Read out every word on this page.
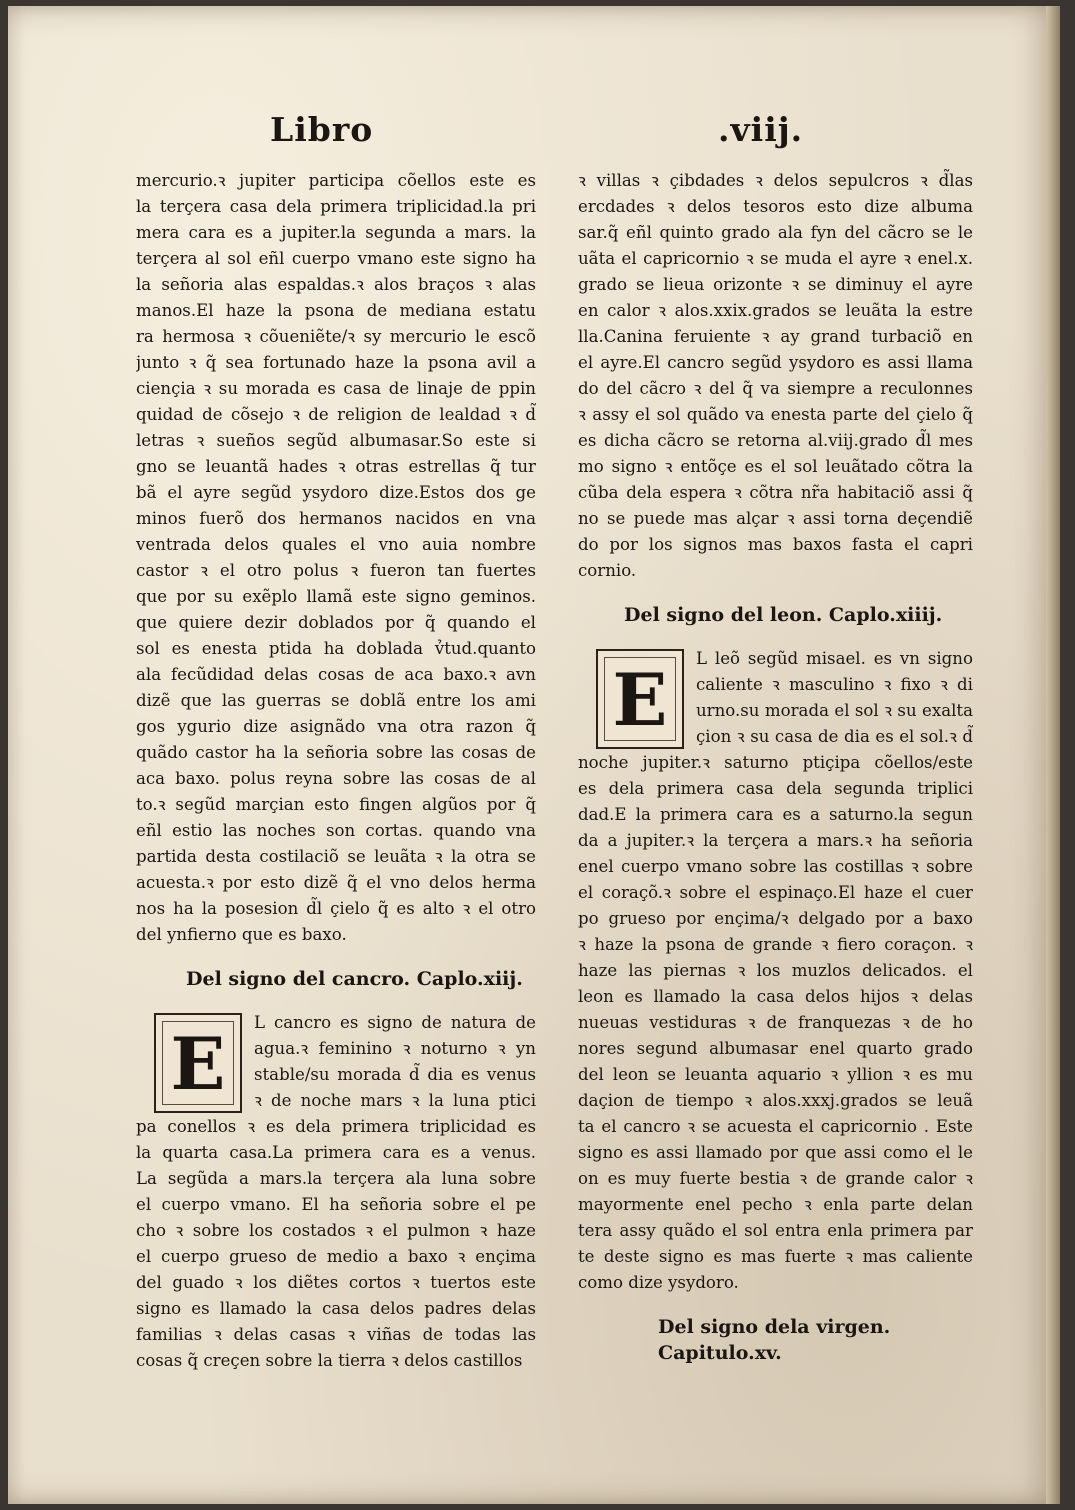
Libro	.viij.
mercurio.ꝛ jupiter participa cõellos este es
la terçera casa dela primera triplicidad.la pri
mera cara es a jupiter.la segunda a mars. la
terçera al sol eñl cuerpo vmano este signo ha
la señoria alas espaldas.ꝛ alos braços ꝛ alas
manos.El haze la psona de mediana estatu
ra hermosa ꝛ cõueniẽte/ꝛ sy mercurio le escõ
junto ꝛ q̃ sea fortunado haze la psona avil a
ciençia ꝛ su morada es casa de linaje de ppin
quidad de cõsejo ꝛ de religion de lealdad ꝛ d̃
letras ꝛ sueños segũd albumasar.So este si
gno se leuantã hades ꝛ otras estrellas q̃ tur
bã el ayre segũd ysydoro dize.Estos dos ge
minos fuerõ dos hermanos nacidos en vna
ventrada delos quales el vno auia nombre
castor ꝛ el otro polus ꝛ fueron tan fuertes
que por su exẽplo llamã este signo geminos.
que quiere dezir doblados por q̃ quando el
sol es enesta ptida ha doblada v̉tud.quanto
ala fecũdidad delas cosas de aca baxo.ꝛ avn
dizẽ que las guerras se doblã entre los ami
gos ygurio dize asignãdo vna otra razon q̃
quãdo castor ha la señoria sobre las cosas de
aca baxo. polus reyna sobre las cosas de al
to.ꝛ segũd marçian esto fingen algũos por q̃
eñl estio las noches son cortas. quando vna
partida desta costilaciõ se leuãta ꝛ la otra se
acuesta.ꝛ por esto dizẽ q̃ el vno delos herma
nos ha la posesion d̃l çielo q̃ es alto ꝛ el otro
del ynfierno que es baxo.
Del signo del cancro. Caplo.xiij.
E	L cancro es signo de natura de
agua.ꝛ feminino ꝛ noturno ꝛ yn
stable/su morada d̃ dia es venus
ꝛ de noche mars ꝛ la luna ptici
pa conellos ꝛ es dela primera triplicidad es
la quarta casa.La primera cara es a venus.
La segũda a mars.la terçera ala luna sobre
el cuerpo vmano. El ha señoria sobre el pe
cho ꝛ sobre los costados ꝛ el pulmon ꝛ haze
el cuerpo grueso de medio a baxo ꝛ ençima
del guado ꝛ los diẽtes cortos ꝛ tuertos este
signo es llamado la casa delos padres delas
familias ꝛ delas casas ꝛ viñas de todas las
cosas q̃ creçen sobre la tierra ꝛ delos castillos
ꝛ villas ꝛ çibdades ꝛ delos sepulcros ꝛ d̃las
ercdades ꝛ delos tesoros esto dize albuma
sar.q̃ eñl quinto grado ala fyn del cãcro se le
uãta el capricornio ꝛ se muda el ayre ꝛ enel.x.
grado se lieua orizonte ꝛ se diminuy el ayre
en calor ꝛ alos.xxix.grados se leuãta la estre
lla.Canina feruiente ꝛ ay grand turbaciõ en
el ayre.El cancro segũd ysydoro es assi llama
do del cãcro ꝛ del q̃ va siempre a reculonnes
ꝛ assy el sol quãdo va enesta parte del çielo q̃
es dicha cãcro se retorna al.viij.grado d̃l mes
mo signo ꝛ entõçe es el sol leuãtado cõtra la
cũba dela espera ꝛ cõtra nr̃a habitaciõ assi q̃
no se puede mas alçar ꝛ assi torna deçendiẽ
do por los signos mas baxos fasta el capri
cornio.
Del signo del leon. Caplo.xiiij.
E	L leõ segũd misael. es vn signo
caliente ꝛ masculino ꝛ fixo ꝛ di
urno.su morada el sol ꝛ su exalta
çion ꝛ su casa de dia es el sol.ꝛ d̃
noche jupiter.ꝛ saturno ptiçipa cõellos/este
es dela primera casa dela segunda triplici
dad.E la primera cara es a saturno.la segun
da a jupiter.ꝛ la terçera a mars.ꝛ ha señoria
enel cuerpo vmano sobre las costillas ꝛ sobre
el coraçõ.ꝛ sobre el espinaço.El haze el cuer
po grueso por ençima/ꝛ delgado por a baxo
ꝛ haze la psona de grande ꝛ fiero coraçon. ꝛ
haze las piernas ꝛ los muzlos delicados. el
leon es llamado la casa delos hijos ꝛ delas
nueuas vestiduras ꝛ de franquezas ꝛ de ho
nores segund albumasar enel quarto grado
del leon se leuanta aquario ꝛ yllion ꝛ es mu
daçion de tiempo ꝛ alos.xxxj.grados se leuã
ta el cancro ꝛ se acuesta el capricornio . Este
signo es assi llamado por que assi como el le
on es muy fuerte bestia ꝛ de grande calor ꝛ
mayormente enel pecho ꝛ enla parte delan
tera assy quãdo el sol entra enla primera par
te deste signo es mas fuerte ꝛ mas caliente
como dize ysydoro.
Del signo dela virgen.
Capitulo.xv.
